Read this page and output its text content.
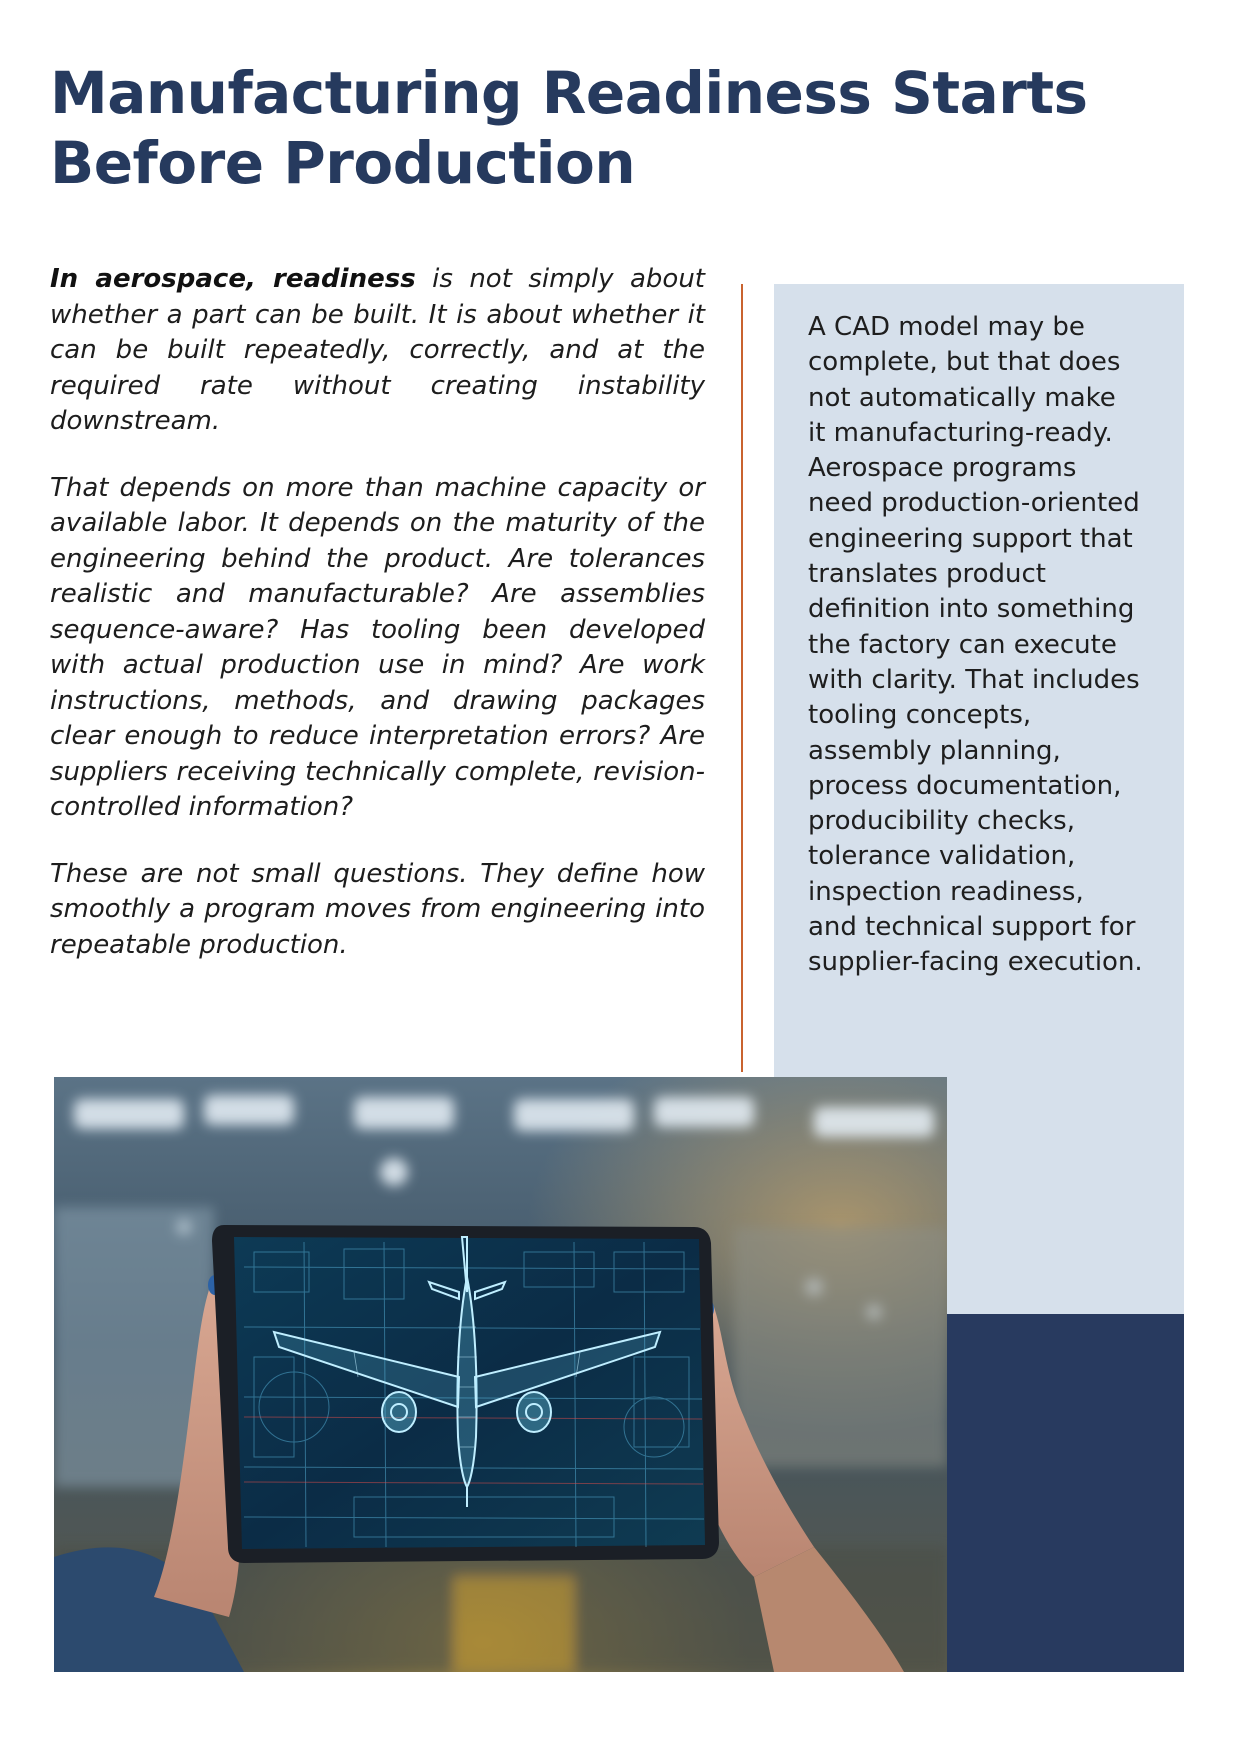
Manufacturing Readiness Starts
Before Production

In aerospace, readiness is not simply about whether a part can be built. It is about whether it can be built repeatedly, correctly, and at the required rate without creating instability downstream.

That depends on more than machine capacity or available labor. It depends on the maturity of the engineering behind the product. Are tolerances realistic and manufacturable? Are assemblies sequence-aware? Has tooling been developed with actual production use in mind? Are work instructions, methods, and drawing packages clear enough to reduce interpretation errors? Are suppliers receiving technically complete, revision-controlled information?

These are not small questions. They define how smoothly a program moves from engineering into repeatable production.

A CAD model may be
complete, but that does
not automatically make
it manufacturing-ready.
Aerospace programs
need production-oriented
engineering support that
translates product
definition into something
the factory can execute
with clarity. That includes
tooling concepts,
assembly planning,
process documentation,
producibility checks,
tolerance validation,
inspection readiness,
and technical support for
supplier-facing execution.
